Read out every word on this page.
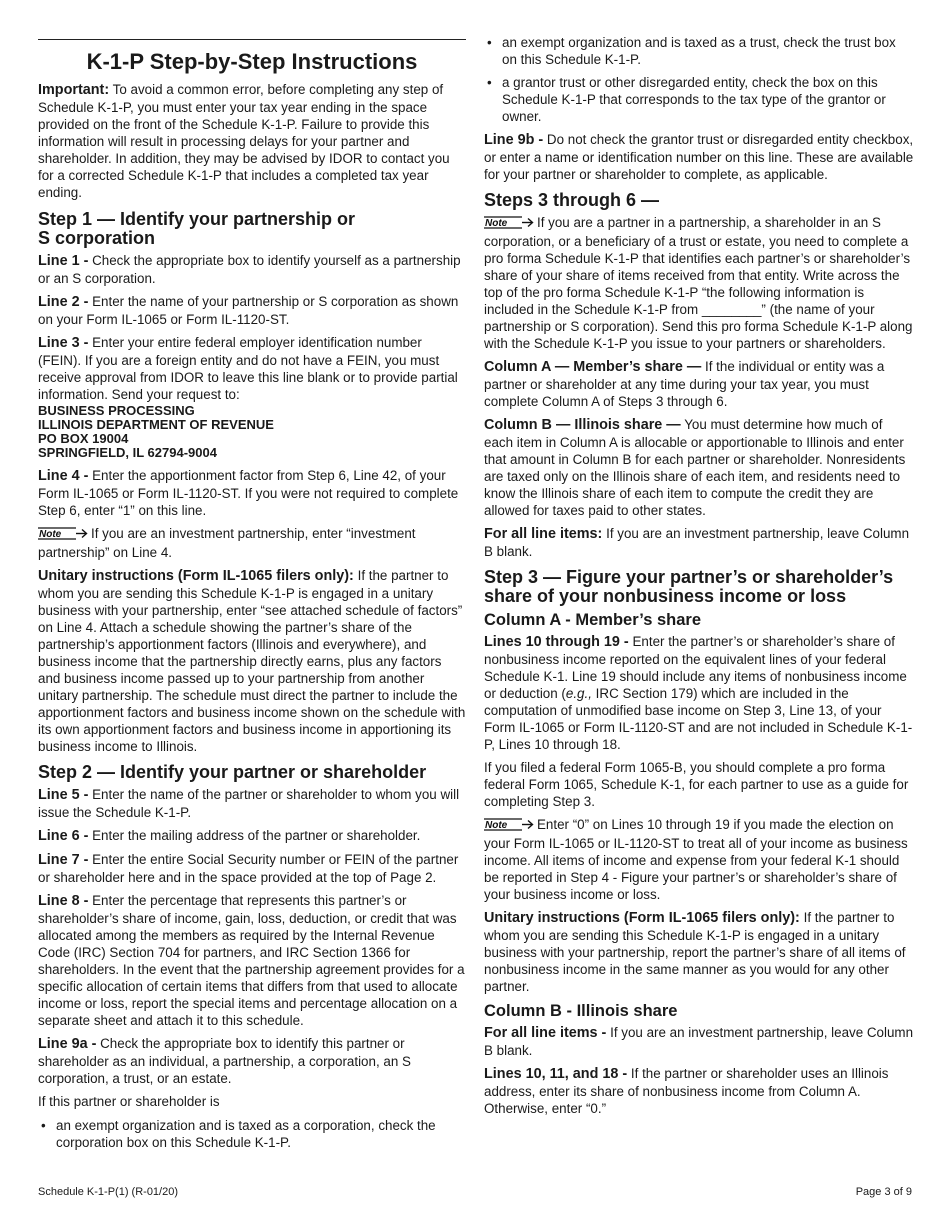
K-1-P Step-by-Step Instructions

Important: To avoid a common error, before completing any step of Schedule K-1-P, you must enter your tax year ending in the space provided on the front of the Schedule K-1-P. Failure to provide this information will result in processing delays for your partner and shareholder. In addition, they may be advised by IDOR to contact you for a corrected Schedule K-1-P that includes a completed tax year ending.

Step 1 — Identify your partnership or
S corporation

Line 1 - Check the appropriate box to identify yourself as a partnership or an S corporation.

Line 2 - Enter the name of your partnership or S corporation as shown on your Form IL-1065 or Form IL-1120-ST.

Line 3 - Enter your entire federal employer identification number (FEIN). If you are a foreign entity and do not have a FEIN, you must receive approval from IDOR to leave this line blank or to provide partial information. Send your request to:

BUSINESS PROCESSING
ILLINOIS DEPARTMENT OF REVENUE
PO BOX 19004
SPRINGFIELD, IL 62794-9004

Line 4 - Enter the apportionment factor from Step 6, Line 42, of your Form IL-1065 or Form IL-1120-ST. If you were not required to complete Step 6, enter “1” on this line.

Note If you are an investment partnership, enter “investment partnership” on Line 4.

Unitary instructions (Form IL-1065 filers only): If the partner to whom you are sending this Schedule K-1-P is engaged in a unitary business with your partnership, enter “see attached schedule of factors” on Line 4. Attach a schedule showing the partner’s share of the partnership’s apportionment factors (Illinois and everywhere), and business income that the partnership directly earns, plus any factors and business income passed up to your partnership from another unitary partnership. The schedule must direct the partner to include the apportionment factors and business income shown on the schedule with its own apportionment factors and business income in apportioning its business income to Illinois.

Step 2 — Identify your partner or shareholder

Line 5 - Enter the name of the partner or shareholder to whom you will issue the Schedule K-1-P.

Line 6 - Enter the mailing address of the partner or shareholder.

Line 7 - Enter the entire Social Security number or FEIN of the partner or shareholder here and in the space provided at the top of Page 2.

Line 8 - Enter the percentage that represents this partner’s or shareholder’s share of income, gain, loss, deduction, or credit that was allocated among the members as required by the Internal Revenue Code (IRC) Section 704 for partners, and IRC Section 1366 for shareholders. In the event that the partnership agreement provides for a specific allocation of certain items that differs from that used to allocate income or loss, report the special items and percentage allocation on a separate sheet and attach it to this schedule.

Line 9a - Check the appropriate box to identify this partner or shareholder as an individual, a partnership, a corporation, an S corporation, a trust, or an estate.

If this partner or shareholder is

• an exempt organization and is taxed as a corporation, check the corporation box on this Schedule K-1-P.
• an exempt organization and is taxed as a trust, check the trust box on this Schedule K-1-P.
• a grantor trust or other disregarded entity, check the box on this Schedule K-1-P that corresponds to the tax type of the grantor or owner.

Line 9b - Do not check the grantor trust or disregarded entity checkbox, or enter a name or identification number on this line. These are available for your partner or shareholder to complete, as applicable.

Steps 3 through 6 —

Note If you are a partner in a partnership, a shareholder in an S corporation, or a beneficiary of a trust or estate, you need to complete a pro forma Schedule K-1-P that identifies each partner’s or shareholder’s share of your share of items received from that entity. Write across the top of the pro forma Schedule K-1-P “the following information is included in the Schedule K-1-P from ________” (the name of your partnership or S corporation). Send this pro forma Schedule K-1-P along with the Schedule K-1-P you issue to your partners or shareholders.

Column A — Member’s share — If the individual or entity was a partner or shareholder at any time during your tax year, you must complete Column A of Steps 3 through 6.

Column B — Illinois share — You must determine how much of each item in Column A is allocable or apportionable to Illinois and enter that amount in Column B for each partner or shareholder. Nonresidents are taxed only on the Illinois share of each item, and residents need to know the Illinois share of each item to compute the credit they are allowed for taxes paid to other states.

For all line items: If you are an investment partnership, leave Column B blank.

Step 3 — Figure your partner’s or shareholder’s
share of your nonbusiness income or loss
Column A - Member’s share

Lines 10 through 19 - Enter the partner’s or shareholder’s share of nonbusiness income reported on the equivalent lines of your federal Schedule K-1. Line 19 should include any items of nonbusiness income or deduction (e.g., IRC Section 179) which are included in the computation of unmodified base income on Step 3, Line 13, of your Form IL-1065 or Form IL-1120-ST and are not included in Schedule K-1-P, Lines 10 through 18.

If you filed a federal Form 1065-B, you should complete a pro forma federal Form 1065, Schedule K-1, for each partner to use as a guide for completing Step 3.

Note Enter “0” on Lines 10 through 19 if you made the election on your Form IL-1065 or IL-1120-ST to treat all of your income as business income. All items of income and expense from your federal K-1 should be reported in Step 4 - Figure your partner’s or shareholder’s share of your business income or loss.

Unitary instructions (Form IL-1065 filers only): If the partner to whom you are sending this Schedule K-1-P is engaged in a unitary business with your partnership, report the partner’s share of all items of nonbusiness income in the same manner as you would for any other partner.

Column B - Illinois share

For all line items - If you are an investment partnership, leave Column B blank.

Lines 10, 11, and 18 - If the partner or shareholder uses an Illinois address, enter its share of nonbusiness income from Column A. Otherwise, enter “0.”

Schedule K-1-P(1) (R-01/20)	Page 3 of 9
